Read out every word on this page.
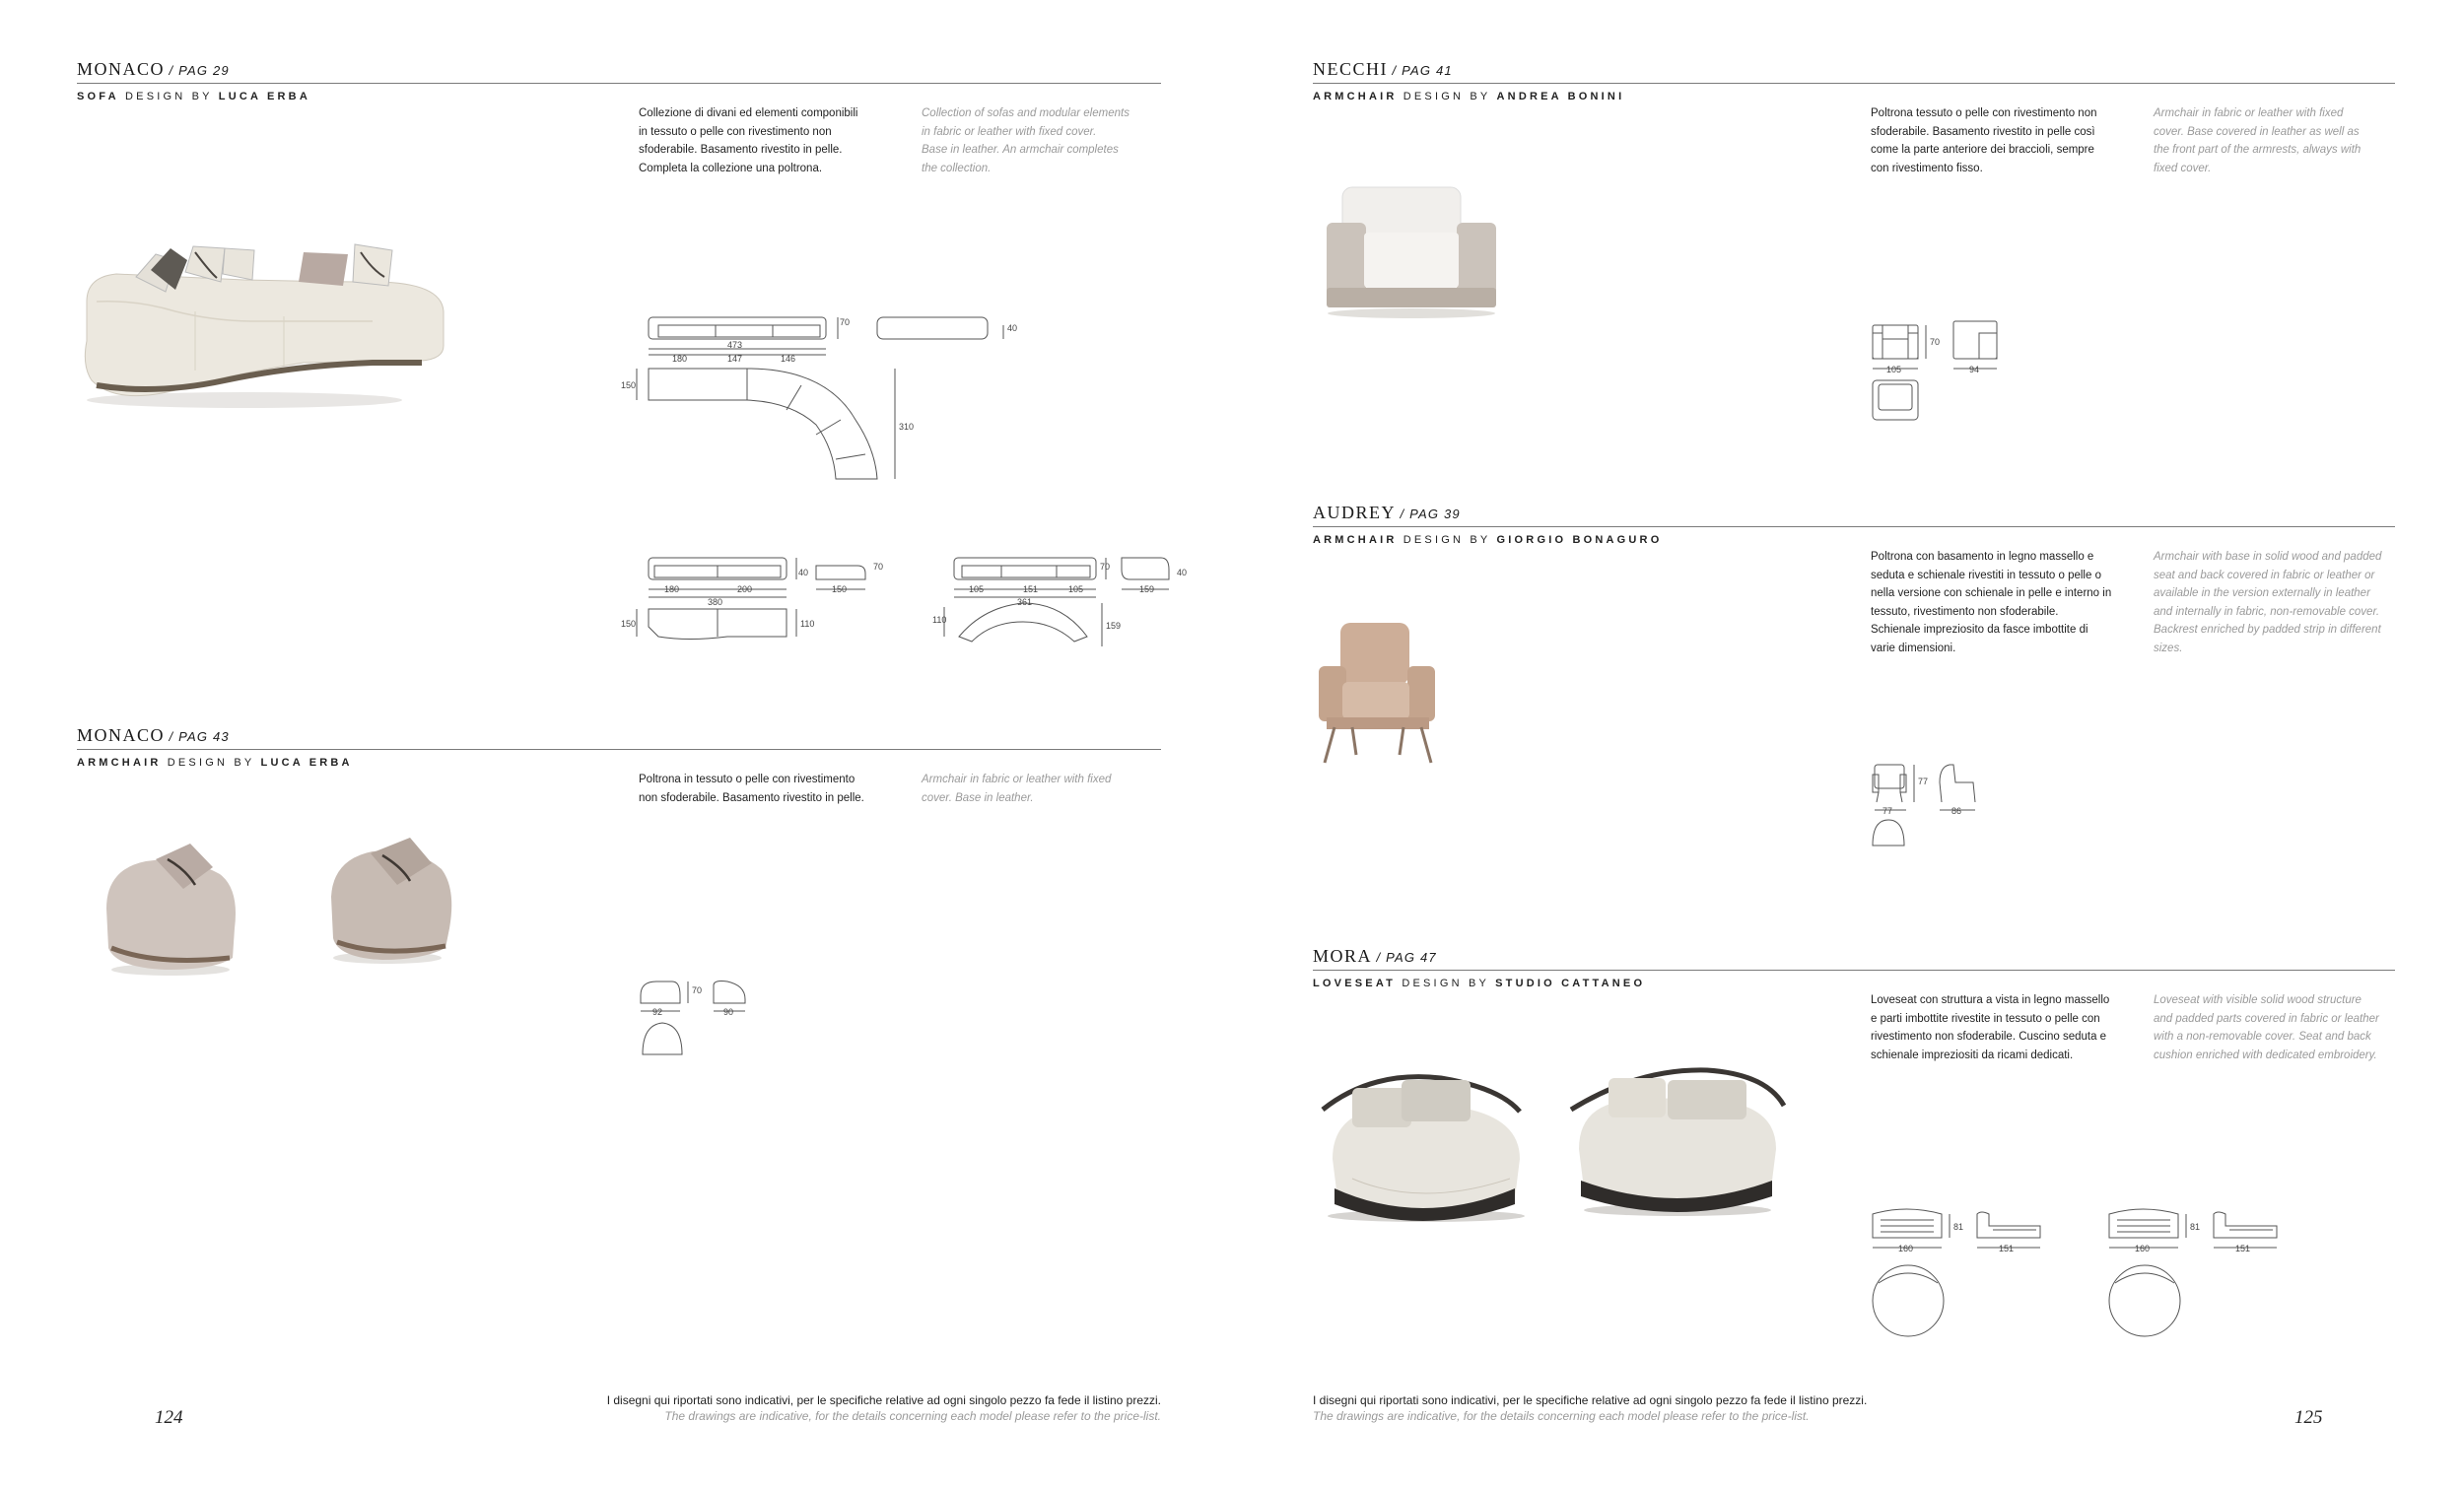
MONACO / PAG 29
SOFA DESIGN BY LUCA ERBA
Collezione di divani ed elementi componibili
in tessuto o pelle con rivestimento non
sfoderabile. Basamento rivestito in pelle.
Completa la collezione una poltrona.
Collection of sofas and modular elements
in fabric or leather with fixed cover.
Base in leather. An armchair completes
the collection.
70
40
473
180	147	146
150
310
70
40
180	200	150
380
150	110
70
40
105	151	105	159
361
110
159
MONACO / PAG 43
ARMCHAIR DESIGN BY LUCA ERBA
Poltrona in tessuto o pelle con rivestimento
non sfoderabile. Basamento rivestito in pelle.
Armchair in fabric or leather with fixed
cover. Base in leather.
70
92	90
124
I disegni qui riportati sono indicativi, per le specifiche relative ad ogni singolo pezzo fa fede il listino prezzi.
The drawings are indicative, for the details concerning each model please refer to the price-list.
NECCHI / PAG 41
ARMCHAIR DESIGN BY ANDREA BONINI
Poltrona tessuto o pelle con rivestimento non
sfoderabile. Basamento rivestito in pelle così
come la parte anteriore dei braccioli, sempre
con rivestimento fisso.
Armchair in fabric or leather with fixed
cover. Base covered in leather as well as
the front part of the armrests, always with
fixed cover.
70
105	94
AUDREY / PAG 39
ARMCHAIR DESIGN BY GIORGIO BONAGURO
Poltrona con basamento in legno massello e
seduta e schienale rivestiti in tessuto o pelle o
nella versione con schienale in pelle e interno in
tessuto, rivestimento non sfoderabile.
Schienale impreziosito da fasce imbottite di
varie dimensioni.
Armchair with base in solid wood and padded
seat and back covered in fabric or leather or
available in the version externally in leather
and internally in fabric, non-removable cover.
Backrest enriched by padded strip in different
sizes.
77
77	86
MORA / PAG 47
LOVESEAT DESIGN BY STUDIO CATTANEO
Loveseat con struttura a vista in legno massello
e parti imbottite rivestite in tessuto o pelle con
rivestimento non sfoderabile. Cuscino seduta e
schienale impreziositi da ricami dedicati.
Loveseat with visible solid wood structure
and padded parts covered in fabric or leather
with a non-removable cover. Seat and back
cushion enriched with dedicated embroidery.
81
160	151
81
160	151
I disegni qui riportati sono indicativi, per le specifiche relative ad ogni singolo pezzo fa fede il listino prezzi.
The drawings are indicative, for the details concerning each model please refer to the price-list.	125
